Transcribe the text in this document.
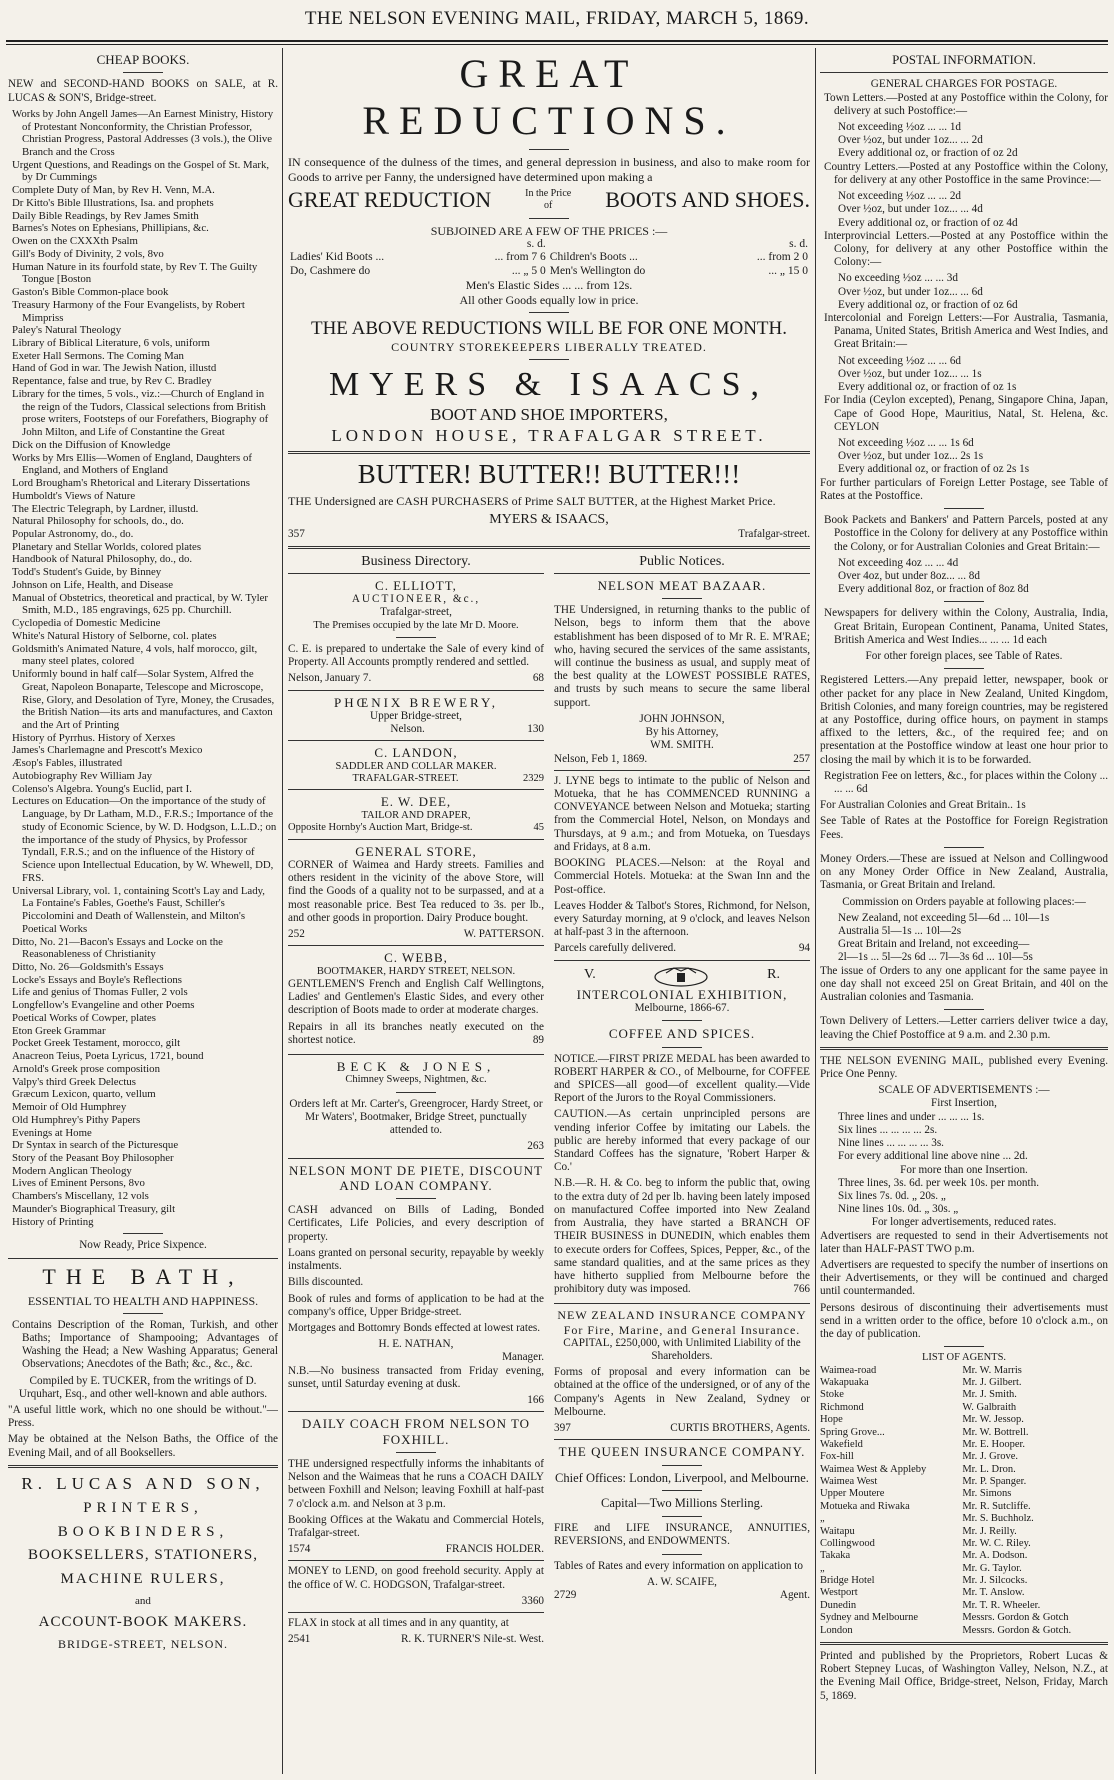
THE NELSON EVENING MAIL, FRIDAY, MARCH 5, 1869.
CHEAP BOOKS.

NEW and SECOND-HAND BOOKS on SALE, at R. LUCAS & SON'S, Bridge-street.

Works by John Angell James—An Earnest Ministry, History of Protestant Nonconformity, the Christian Professor, Christian Progress, Pastoral Addresses (3 vols.), the Olive Branch and the Cross
Urgent Questions, and Readings on the Gospel of St. Mark, by Dr Cummings
Complete Duty of Man, by Rev H. Venn, M.A.
Dr Kitto's Bible Illustrations, Isa. and prophets
Daily Bible Readings, by Rev James Smith
Barnes's Notes on Ephesians, Phillipians, &c.
Owen on the CXXXth Psalm
Gill's Body of Divinity, 2 vols, 8vo
Human Nature in its fourfold state, by Rev T. The Guilty Tongue [Boston
Gaston's Bible Common-place book
Treasury Harmony of the Four Evangelists, by Robert Mimpriss
Paley's Natural Theology
Library of Biblical Literature, 6 vols, uniform
Exeter Hall Sermons. The Coming Man
Hand of God in war. The Jewish Nation, illustd
Repentance, false and true, by Rev C. Bradley
Library for the times, 5 vols., viz.:—Church of England in the reign of the Tudors, Classical selections from British prose writers, Footsteps of our Forefathers, Biography of John Milton, and Life of Constantine the Great
Dick on the Diffusion of Knowledge
Works by Mrs Ellis—Women of England, Daughters of England, and Mothers of England
Lord Brougham's Rhetorical and Literary Dissertations
Humboldt's Views of Nature
The Electric Telegraph, by Lardner, illustd.
Natural Philosophy for schools, do., do.
Popular Astronomy, do., do.
Planetary and Stellar Worlds, colored plates
Handbook of Natural Philosophy, do., do.
Todd's Student's Guide, by Binney
Johnson on Life, Health, and Disease
Manual of Obstetrics, theoretical and practical, by W. Tyler Smith, M.D., 185 engravings, 625 pp. Churchill.
Cyclopedia of Domestic Medicine
White's Natural History of Selborne, col. plates
Goldsmith's Animated Nature, 4 vols, half morocco, gilt, many steel plates, colored
Uniformly bound in half calf—Solar System, Alfred the Great, Napoleon Bonaparte, Telescope and Microscope, Rise, Glory, and Desolation of Tyre, Money, the Crusades, the British Nation—its arts and manufactures, and Caxton and the Art of Printing
History of Pyrrhus. History of Xerxes
James's Charlemagne and Prescott's Mexico
Æsop's Fables, illustrated
Autobiography Rev William Jay
Colenso's Algebra. Young's Euclid, part I.
Lectures on Education—On the importance of the study of Language, by Dr Latham, M.D., F.R.S.; Importance of the study of Economic Science, by W. D. Hodgson, L.L.D.; on the importance of the study of Physics, by Professor Tyndall, F.R.S.; and on the influence of the History of Science upon Intellectual Education, by W. Whewell, DD, FRS.
Universal Library, vol. 1, containing Scott's Lay and Lady, La Fontaine's Fables, Goethe's Faust, Schiller's Piccolomini and Death of Wallenstein, and Milton's Poetical Works
Ditto, No. 21—Bacon's Essays and Locke on the Reasonableness of Christianity
Ditto, No. 26—Goldsmith's Essays
Locke's Essays and Boyle's Reflections
Life and genius of Thomas Fuller, 2 vols
Longfellow's Evangeline and other Poems
Poetical Works of Cowper, plates
Eton Greek Grammar
Pocket Greek Testament, morocco, gilt
Anacreon Teius, Poeta Lyricus, 1721, bound
Arnold's Greek prose composition
Valpy's third Greek Delectus
Græcum Lexicon, quarto, vellum
Memoir of Old Humphrey
Old Humphrey's Pithy Papers
Evenings at Home
Dr Syntax in search of the Picturesque
Story of the Peasant Boy Philosopher
Modern Anglican Theology
Lives of Eminent Persons, 8vo
Chambers's Miscellany, 12 vols
Maunder's Biographical Treasury, gilt
History of Printing
Now Ready, Price Sixpence.
THE BATH,
ESSENTIAL TO HEALTH AND HAPPINESS.

Contains Description of the Roman, Turkish, and other Baths; Importance of Shampooing; Advantages of Washing the Head; a New Washing Apparatus; General Observations; Anecdotes of the Bath; &c., &c., &c.

Compiled by E. TUCKER, from the writings of D. Urquhart, Esq., and other well-known and able authors.

"A useful little work, which no one should be without."—Press.

May be obtained at the Nelson Baths, the Office of the Evening Mail, and of all Booksellers.

R. LUCAS AND SON,

PRINTERS,

BOOKBINDERS,

BOOKSELLERS, STATIONERS,

MACHINE RULERS,

and

ACCOUNT-BOOK MAKERS.

BRIDGE-STREET, NELSON.

GREAT REDUCTIONS.

IN consequence of the dulness of the times, and general depression in business, and also to make room for Goods to arrive per Fanny, the undersigned have determined upon making a

GREAT REDUCTION	In the Price of	BOOTS AND SHOES.
SUBJOINED ARE A FEW OF THE PRICES :—
	s. d.		s. d.
Ladies' Kid Boots ...	... from 7 6	Children's Boots ...	... from 2 0
Do, Cashmere do	... „ 5 0	Men's Wellington do	... „ 15 0
Men's Elastic Sides ... ... from 12s.
All other Goods equally low in price.
THE ABOVE REDUCTIONS WILL BE FOR ONE MONTH.
COUNTRY STOREKEEPERS LIBERALLY TREATED.
MYERS & ISAACS,
BOOT AND SHOE IMPORTERS,
LONDON HOUSE, TRAFALGAR STREET.
BUTTER! BUTTER!! BUTTER!!!

THE Undersigned are CASH PURCHASERS of Prime SALT BUTTER, at the Highest Market Price.

MYERS & ISAACS,
357	Trafalgar-street.
Business Directory.
C. ELLIOTT,
AUCTIONEER, &c.,
Trafalgar-street,
The Premises occupied by the late Mr D. Moore.

C. E. is prepared to undertake the Sale of every kind of Property. All Accounts promptly rendered and settled.

Nelson, January 7.	68
PHŒNIX BREWERY,
Upper Bridge-street,
Nelson.	130
C. LANDON,
SADDLER AND COLLAR MAKER.
TRAFALGAR-STREET.	2329
E. W. DEE,
TAILOR AND DRAPER,
Opposite Hornby's Auction Mart, Bridge-st.	45
GENERAL STORE,

CORNER of Waimea and Hardy streets. Families and others resident in the vicinity of the above Store, will find the Goods of a quality not to be surpassed, and at a most reasonable price. Best Tea reduced to 3s. per lb., and other goods in proportion. Dairy Produce bought.

252	W. PATTERSON.
C. WEBB,
BOOTMAKER, HARDY STREET, NELSON.

GENTLEMEN'S French and English Calf Wellingtons, Ladies' and Gentlemen's Elastic Sides, and every other description of Boots made to order at moderate charges.

Repairs in all its branches neatly executed on the shortest notice.	89

BECK & JONES,
Chimney Sweeps, Nightmen, &c.

Orders left at Mr. Carter's, Greengrocer, Hardy Street, or Mr Waters', Bootmaker, Bridge Street, punctually attended to.

263
NELSON MONT DE PIETE, DISCOUNT AND LOAN COMPANY.

CASH advanced on Bills of Lading, Bonded Certificates, Life Policies, and every description of property.

Loans granted on personal security, repayable by weekly instalments.

Bills discounted.

Book of rules and forms of application to be had at the company's office, Upper Bridge-street.

Mortgages and Bottomry Bonds effected at lowest rates.

H. E. NATHAN,
Manager.

N.B.—No business transacted from Friday evening, sunset, until Saturday evening at dusk.

166
DAILY COACH FROM NELSON TO FOXHILL.

THE undersigned respectfully informs the inhabitants of Nelson and the Waimeas that he runs a COACH DAILY between Foxhill and Nelson; leaving Foxhill at half-past 7 o'clock a.m. and Nelson at 3 p.m.

Booking Offices at the Wakatu and Commercial Hotels, Trafalgar-street.

1574	FRANCIS HOLDER.

MONEY to LEND, on good freehold security. Apply at the office of W. C. HODGSON, Trafalgar-street.

3360

FLAX in stock at all times and in any quantity, at

2541	R. K. TURNER'S Nile-st. West.
Public Notices.
NELSON MEAT BAZAAR.

THE Undersigned, in returning thanks to the public of Nelson, begs to inform them that the above establishment has been disposed of to Mr R. E. M'RAE; who, having secured the services of the same assistants, will continue the business as usual, and supply meat of the best quality at the LOWEST POSSIBLE RATES, and trusts by such means to secure the same liberal support.

JOHN JOHNSON,
By his Attorney,
WM. SMITH.
Nelson, Feb 1, 1869.	257

J. LYNE begs to intimate to the public of Nelson and Motueka, that he has COMMENCED RUNNING a CONVEYANCE between Nelson and Motueka; starting from the Commercial Hotel, Nelson, on Mondays and Thursdays, at 9 a.m.; and from Motueka, on Tuesdays and Fridays, at 8 a.m.

BOOKING PLACES.—Nelson: at the Royal and Commercial Hotels. Motueka: at the Swan Inn and the Post-office.

Leaves Hodder & Talbot's Stores, Richmond, for Nelson, every Saturday morning, at 9 o'clock, and leaves Nelson at half-past 3 in the afternoon.

Parcels carefully delivered.	94
V.	R.
INTERCOLONIAL EXHIBITION,
Melbourne, 1866-67.
COFFEE AND SPICES.

NOTICE.—FIRST PRIZE MEDAL has been awarded to ROBERT HARPER & CO., of Melbourne, for COFFEE and SPICES—all good—of excellent quality.—Vide Report of the Jurors to the Royal Commissioners.

CAUTION.—As certain unprincipled persons are vending inferior Coffee by imitating our Labels. the public are hereby informed that every package of our Standard Coffees has the signature, 'Robert Harper & Co.'

N.B.—R. H. & Co. beg to inform the public that, owing to the extra duty of 2d per lb. having been lately imposed on manufactured Coffee imported into New Zealand from Australia, they have started a BRANCH OF THEIR BUSINESS in DUNEDIN, which enables them to execute orders for Coffees, Spices, Pepper, &c., of the same standard qualities, and at the same prices as they have hitherto supplied from Melbourne before the prohibitory duty was imposed.	766

NEW ZEALAND INSURANCE COMPANY For Fire, Marine, and General Insurance.

CAPITAL, £250,000, with Unlimited Liability of the Shareholders.

Forms of proposal and every information can be obtained at the office of the undersigned, or of any of the Company's Agents in New Zealand, Sydney or Melbourne.

397	CURTIS BROTHERS, Agents.
THE QUEEN INSURANCE COMPANY.

Chief Offices: London, Liverpool, and Melbourne.

Capital—Two Millions Sterling.

FIRE and LIFE INSURANCE, ANNUITIES, REVERSIONS, and ENDOWMENTS.

Tables of Rates and every information on application to

A. W. SCAIFE,
2729	Agent.
POSTAL INFORMATION.
GENERAL CHARGES FOR POSTAGE.

Town Letters.—Posted at any Postoffice within the Colony, for delivery at such Postoffice:—

Not exceeding ½oz ... ... 1d
Over ½oz, but under 1oz... ... 2d
Every additional oz, or fraction of oz 2d

Country Letters.—Posted at any Postoffice within the Colony, for delivery at any other Postoffice in the same Province:—

Not exceeding ½oz ... ... 2d
Over ½oz, but under 1oz... ... 4d
Every additional oz, or fraction of oz 4d

Interprovincial Letters.—Posted at any Postoffice within the Colony, for delivery at any other Postoffice within the Colony:—

No exceeding ½oz ... ... 3d
Over ½oz, but under 1oz... ... 6d
Every additional oz, or fraction of oz 6d

Intercolonial and Foreign Letters:—For Australia, Tasmania, Panama, United States, British America and West Indies, and Great Britain:—

Not exceeding ½oz ... ... 6d
Over ½oz, but under 1oz... ... 1s
Every additional oz, or fraction of oz 1s

For India (Ceylon excepted), Penang, Singapore China, Japan, Cape of Good Hope, Mauritius, Natal, St. Helena, &c. CEYLON

Not exceeding ½oz ... ... 1s 6d
Over ½oz, but under 1oz... 2s 1s
Every additional oz, or fraction of oz 2s 1s

For further particulars of Foreign Letter Postage, see Table of Rates at the Postoffice.

Book Packets and Bankers' and Pattern Parcels, posted at any Postoffice in the Colony for delivery at any Postoffice within the Colony, or for Australian Colonies and Great Britain:—

Not exceeding 4oz ... ... 4d
Over 4oz, but under 8oz... ... 8d
Every additional 8oz, or fraction of 8oz 8d

Newspapers for delivery within the Colony, Australia, India, Great Britain, European Continent, Panama, United States, British America and West Indies... ... ... 1d each

For other foreign places, see Table of Rates.

Registered Letters.—Any prepaid letter, newspaper, book or other packet for any place in New Zealand, United Kingdom, British Colonies, and many foreign countries, may be registered at any Postoffice, during office hours, on payment in stamps affixed to the letters, &c., of the required fee; and on presentation at the Postoffice window at least one hour prior to closing the mail by which it is to be forwarded.

Registration Fee on letters, &c., for places within the Colony ... ... ... 6d

For Australian Colonies and Great Britain.. 1s

See Table of Rates at the Postoffice for Foreign Registration Fees.

Money Orders.—These are issued at Nelson and Collingwood on any Money Order Office in New Zealand, Australia, Tasmania, or Great Britain and Ireland.

Commission on Orders payable at following places:—

New Zealand, not exceeding 5l—6d ... 10l—1s
Australia 5l—1s ... 10l—2s
Great Britain and Ireland, not exceeding—
2l—1s ... 5l—2s 6d ... 7l—3s 6d ... 10l—5s

The issue of Orders to any one applicant for the same payee in one day shall not exceed 25l on Great Britain, and 40l on the Australian colonies and Tasmania.

Town Delivery of Letters.—Letter carriers deliver twice a day, leaving the Chief Postoffice at 9 a.m. and 2.30 p.m.

THE NELSON EVENING MAIL, published every Evening. Price One Penny.

SCALE OF ADVERTISEMENTS :—
First Insertion,
Three lines and under ... ... ... 1s.
Six lines ... ... ... ... 2s.
Nine lines ... ... ... ... 3s.
For every additional line above nine ... 2d.
For more than one Insertion.
Three lines, 3s. 6d. per week 10s. per month.
Six lines 7s. 0d. „ 20s. „
Nine lines 10s. 0d. „ 30s. „
For longer advertisements, reduced rates.

Advertisers are requested to send in their Advertisements not later than HALF-PAST TWO p.m.

Advertisers are requested to specify the number of insertions on their Advertisements, or they will be continued and charged until countermanded.

Persons desirous of discontinuing their advertisements must send in a written order to the office, before 10 o'clock a.m., on the day of publication.

LIST OF AGENTS.
Waimea-road	Mr. W. Marris
Wakapuaka	Mr. J. Gilbert.
Stoke	Mr. J. Smith.
Richmond	W. Galbraith
Hope	Mr. W. Jessop.
Spring Grove...	Mr. W. Bottrell.
Wakefield	Mr. E. Hooper.
Fox-hill	Mr. J. Grove.
Waimea West & Appleby	Mr. L. Dron.
Waimea West	Mr. P. Spanger.
Upper Moutere	Mr. Simons
Motueka and Riwaka	Mr. R. Sutcliffe.
„	Mr. S. Buchholz.
Waitapu	Mr. J. Reilly.
Collingwood	Mr. W. C. Riley.
Takaka	Mr. A. Dodson.
„	Mr. G. Taylor.
Bridge Hotel	Mr. J. Silcocks.
Westport	Mr. T. Anslow.
Dunedin	Mr. T. R. Wheeler.
Sydney and Melbourne	Messrs. Gordon & Gotch
London	Messrs. Gordon & Gotch.

Printed and published by the Proprietors, Robert Lucas & Robert Stepney Lucas, of Washington Valley, Nelson, N.Z., at the Evening Mail Office, Bridge-street, Nelson, Friday, March 5, 1869.
